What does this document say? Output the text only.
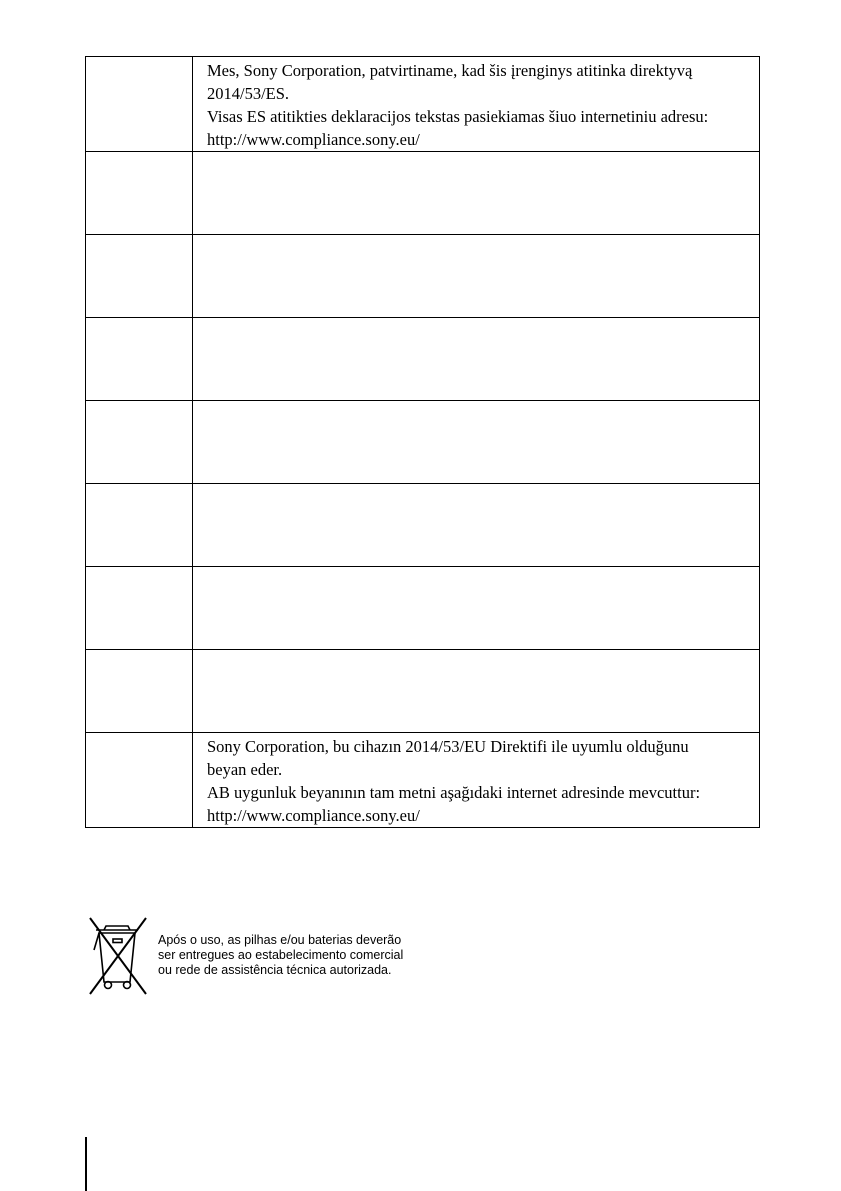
	Mes, Sony Corporation, patvirtiname, kad šis įrenginys atitinka direktyvą
2014/53/ES.
Visas ES atitikties deklaracijos tekstas pasiekiamas šiuo internetiniu adresu:
http://www.compliance.sony.eu/

	Sony Corporation, bu cihazın 2014/53/EU Direktifi ile uyumlu olduğunu
beyan eder.
AB uygunluk beyanının tam metni aşağıdaki internet adresinde mevcuttur:
http://www.compliance.sony.eu/
Após o uso, as pilhas e/ou baterias deverão
ser entregues ao estabelecimento comercial
ou rede de assistência técnica autorizada.
